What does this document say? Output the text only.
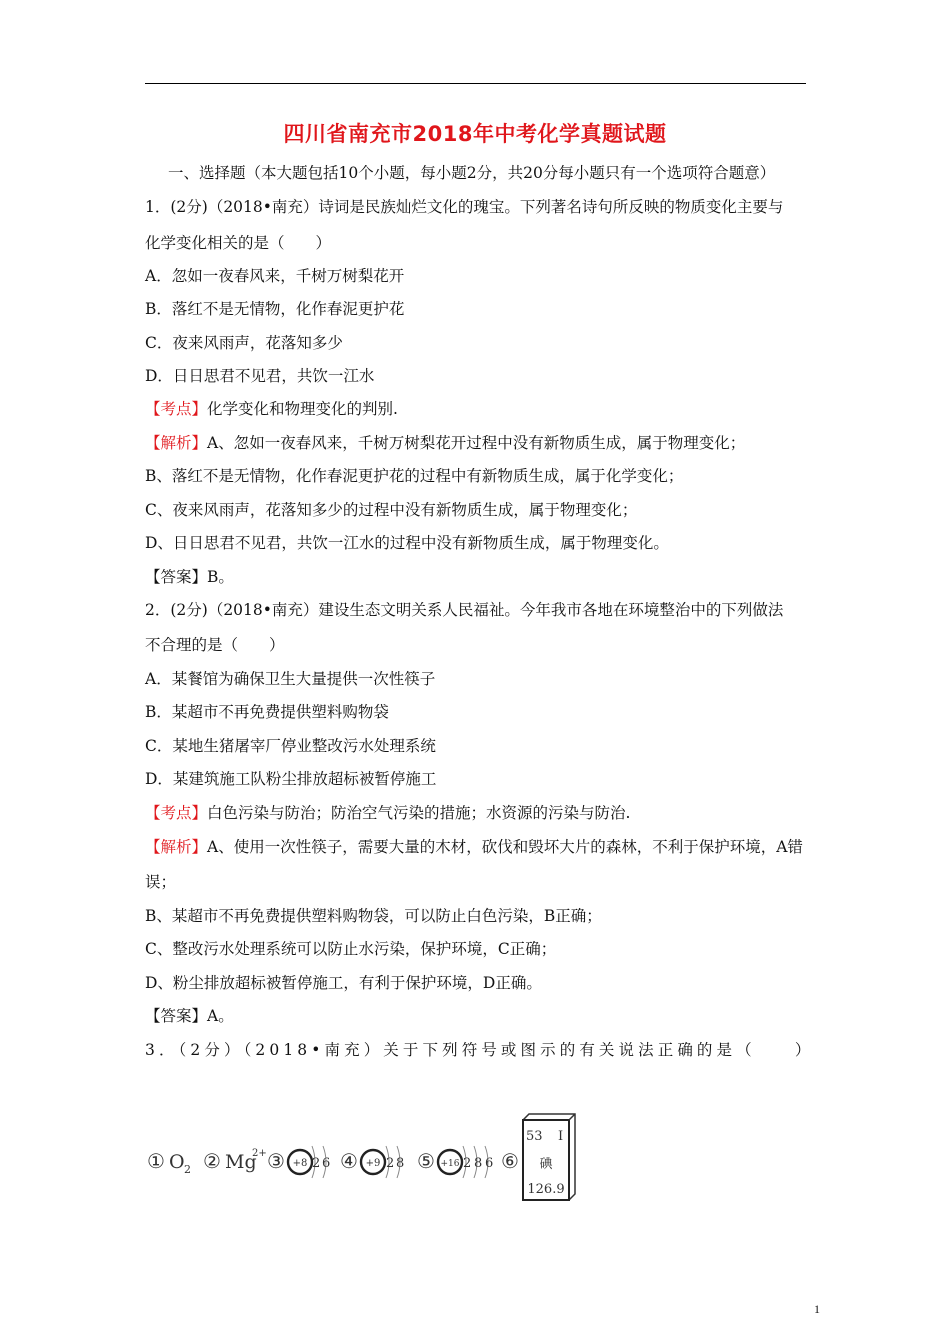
四川省南充市2018年中考化学真题试题
一、选择题（本大题包括10个小题，每小题2分，共20分每小题只有一个选项符合题意）
1．(2分)（2018•南充）诗词是民族灿烂文化的瑰宝。下列著名诗句所反映的物质变化主要与
化学变化相关的是（　　）
A．忽如一夜春风来，千树万树梨花开
B．落红不是无情物，化作春泥更护花
C．夜来风雨声，花落知多少
D．日日思君不见君，共饮一江水
【考点】化学变化和物理变化的判别.
【解析】A、忽如一夜春风来，千树万树梨花开过程中没有新物质生成，属于物理变化；
B、落红不是无情物，化作春泥更护花的过程中有新物质生成，属于化学变化；
C、夜来风雨声，花落知多少的过程中没有新物质生成，属于物理变化；
D、日日思君不见君，共饮一江水的过程中没有新物质生成，属于物理变化。
【答案】B。
2．(2分)（2018•南充）建设生态文明关系人民福祉。今年我市各地在环境整治中的下列做法
不合理的是（　　）
A．某餐馆为确保卫生大量提供一次性筷子
B．某超市不再免费提供塑料购物袋
C．某地生猪屠宰厂停业整改污水处理系统
D．某建筑施工队粉尘排放超标被暂停施工
【考点】白色污染与防治；防治空气污染的措施；水资源的污染与防治.
【解析】A、使用一次性筷子，需要大量的木材，砍伐和毁坏大片的森林，不利于保护环境，A错
误；
B、某超市不再免费提供塑料购物袋，可以防止白色污染，B正确；
C、整改污水处理系统可以防止水污染，保护环境，C正确；
D、粉尘排放超标被暂停施工，有利于保护环境，D正确。
【答案】A。
3．（2分）（2018•南充）关于下列符号或图示的有关说法正确的是（　　）
① O 2 ② Mg
2+ ③ +8 2 6 ④ +9 2 8 ⑤ +16 2 8 6 ⑥
53 I
碘
126.9
1
